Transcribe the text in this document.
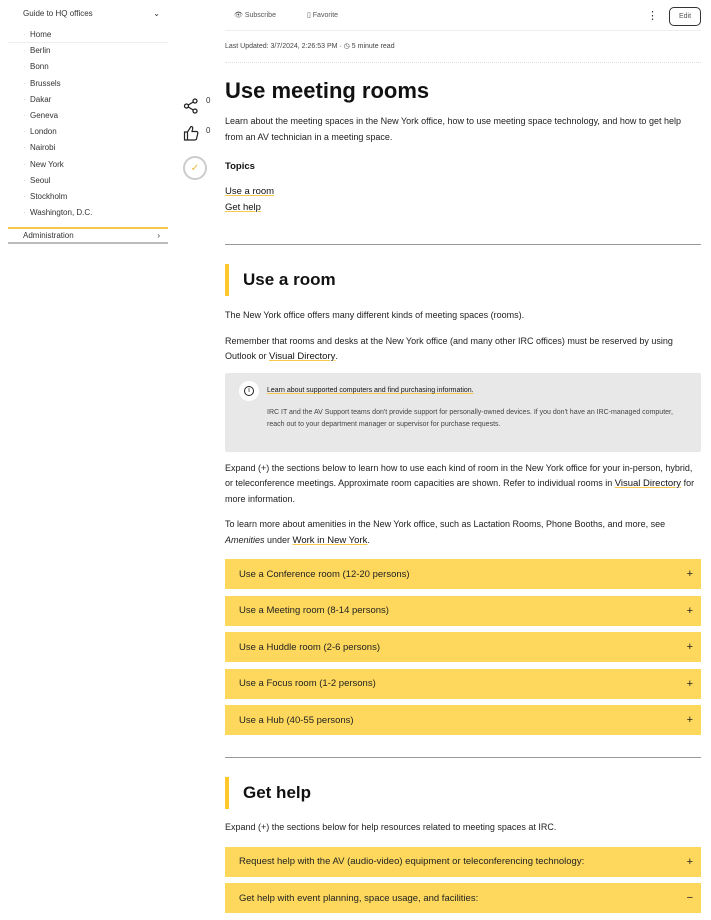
Guide to HQ offices	⌄
· Home
· Berlin
· Bonn
· Brussels
· Dakar
· Geneva
· London
· Nairobi
· New York
· Seoul
· Stockholm
· Washington, D.C.
Administration	›
0
0
✓
👁︎ Subscribe	▯ Favorite	⋮	Edit
Last Updated: 3/7/2024, 2:26:53 PM · ◷ 5 minute read
Use meeting rooms

Learn about the meeting spaces in the New York office, how to use meeting space technology, and how to get help from an AV technician in a meeting space.

Topics
Use a room
Get help
Use a room

The New York office offers many different kinds of meeting spaces (rooms).

Remember that rooms and desks at the New York office (and many other IRC offices) must be reserved by using Outlook or Visual Directory.

i	Learn about supported computers and find purchasing information.

IRC IT and the AV Support teams don't provide support for personally-owned devices. If you don't have an IRC-managed computer, reach out to your department manager or supervisor for purchase requests.

Expand (+) the sections below to learn how to use each kind of room in the New York office for your in-person, hybrid, or teleconference meetings. Approximate room capacities are shown. Refer to individual rooms in Visual Directory for more information.

To learn more about amenities in the New York office, such as Lactation Rooms, Phone Booths, and more, see Amenities under Work in New York.

Use a Conference room (12-20 persons)	+
Use a Meeting room (8-14 persons)	+
Use a Huddle room (2-6 persons)	+
Use a Focus room (1-2 persons)	+
Use a Hub (40-55 persons)	+
Get help

Expand (+) the sections below for help resources related to meeting spaces at IRC.

Request help with the AV (audio-video) equipment or teleconferencing technology:	+
Get help with event planning, space usage, and facilities:	−
